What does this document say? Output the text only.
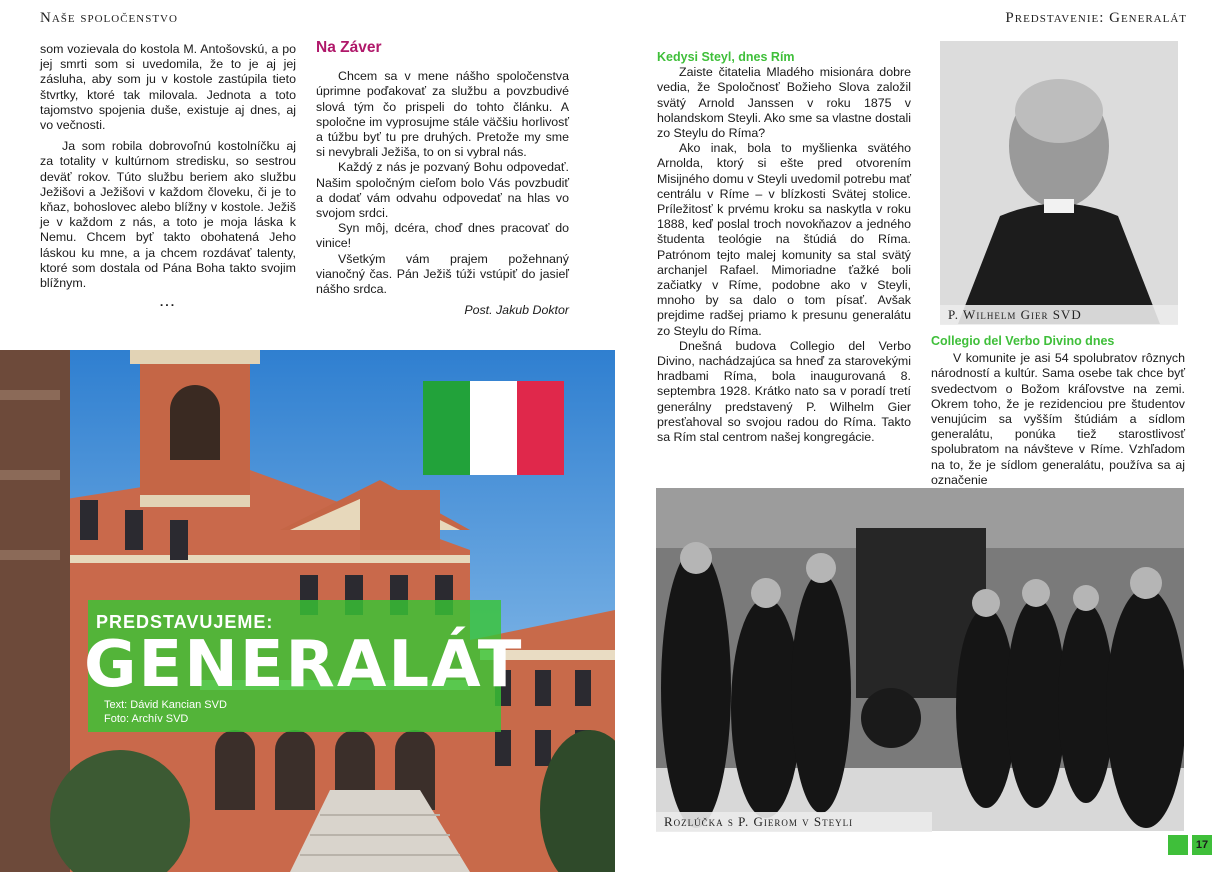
Naše spoločenstvo	Predstavenie: Generalát

som vozievala do kostola M. Antošovskú, a po jej smrti som si uvedomila, že to je aj jej zásluha, aby som ju v kostole zastúpila tieto štvrtky, ktoré tak milovala. Jednota a toto tajomstvo spojenia duše, existuje aj dnes, aj vo večnosti.

Ja som robila dobrovoľnú kostolníčku aj za totality v kultúrnom stredisku, so sestrou deväť rokov. Túto službu beriem ako službu Ježišovi a Ježišovi v každom človeku, či je to kňaz, bohoslovec alebo blížny v kostole. Ježiš je v každom z nás, a toto je moja láska k Nemu. Chcem byť takto obohatená Jeho láskou ku mne, a ja chcem rozdávať talenty, ktoré som dostala od Pána Boha takto svojim blížnym.

...
Na Záver

Chcem sa v mene nášho spoločenstva úprimne poďakovať za službu a povzbudivé slová tým čo prispeli do tohto článku. A spoločne im vyprosujme stále väčšiu horlivosť a túžbu byť tu pre druhých. Pretože my sme si nevybrali Ježiša, to on si vybral nás.

Každý z nás je pozvaný Bohu odpovedať. Našim spoločným cieľom bolo Vás povzbudiť a dodať vám odvahu odpovedať na hlas vo svojom srdci.

Syn môj, dcéra, choď dnes pracovať do vinice!

Všetkým vám prajem požehnaný vianočný čas. Pán Ježiš túži vstúpiť do jasieľ nášho srdca.

Post. Jakub Doktor
PREDSTAVUJEME:
GENERALÁT
Text: Dávid Kancian SVD
Foto: Archív SVD
Kedysi Steyl, dnes Rím

Zaiste čitatelia Mladého misionára dobre vedia, že Spoločnosť Božieho Slova založil svätý Arnold Janssen v roku 1875 v holandskom Steyli. Ako sme sa vlastne dostali zo Steylu do Ríma?

Ako inak, bola to myšlienka svätého Arnolda, ktorý si ešte pred otvorením Misijného domu v Steyli uvedomil potrebu mať centrálu v Ríme – v blízkosti Svätej stolice. Príležitosť k prvému kroku sa naskytla v roku 1888, keď poslal troch novokňazov a jedného študenta teológie na štúdiá do Ríma. Patrónom tejto malej komunity sa stal svätý archanjel Rafael. Mimoriadne ťažké boli začiatky v Ríme, podobne ako v Steyli, mnoho by sa dalo o tom písať. Avšak prejdime radšej priamo k presunu generalátu zo Steylu do Ríma.

Dnešná budova Collegio del Verbo Divino, nachádzajúca sa hneď za starovekými hradbami Ríma, bola inaugurovaná 8. septembra 1928. Krátko nato sa v poradí tretí generálny predstavený P. Wilhelm Gier presťahoval so svojou radou do Ríma. Takto sa Rím stal centrom našej kongregácie.

P. Wilhelm Gier SVD
Collegio del Verbo Divino dnes

V komunite je asi 54 spolubratov rôznych národností a kultúr. Sama osebe tak chce byť svedectvom o Božom kráľovstve na zemi. Okrem toho, že je rezidenciou pre študentov venujúcim sa vyšším štúdiám a sídlom generalátu, ponúka tiež starostlivosť spolubratom na návšteve v Ríme. Vzhľadom na to, že je sídlom generalátu, používa sa aj označenie

Rozlúčka s P. Gierom v Steyli
17
